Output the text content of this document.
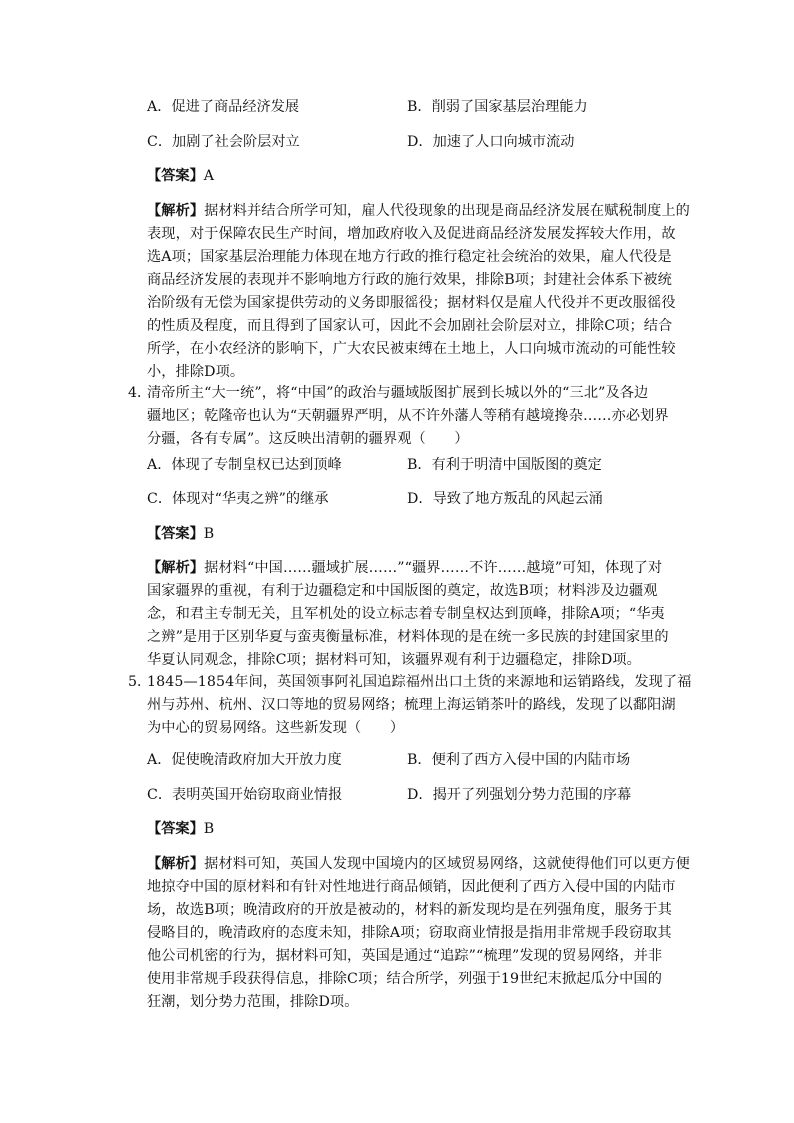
A．促进了商品经济发展	B．削弱了国家基层治理能力
C．加剧了社会阶层对立	D．加速了人口向城市流动
【答案】A
【解析】据材料并结合所学可知，雇人代役现象的出现是商品经济发展在赋税制度上的
表现，对于保障农民生产时间，增加政府收入及促进商品经济发展发挥较大作用，故
选A项；国家基层治理能力体现在地方行政的推行稳定社会统治的效果，雇人代役是
商品经济发展的表现并不影响地方行政的施行效果，排除B项；封建社会体系下被统
治阶级有无偿为国家提供劳动的义务即服徭役；据材料仅是雇人代役并不更改服徭役
的性质及程度，而且得到了国家认可，因此不会加剧社会阶层对立，排除C项；结合
所学，在小农经济的影响下，广大农民被束缚在土地上，人口向城市流动的可能性较
小，排除D项。
4．
清帝所主“大一统”，将“中国”的政治与疆域版图扩展到长城以外的“三北”及各边
疆地区；乾隆帝也认为“天朝疆界严明，从不许外藩人等稍有越境搀杂……亦必划界
分疆，各有专属”。这反映出清朝的疆界观（　　）
A．体现了专制皇权已达到顶峰	B．有利于明清中国版图的奠定
C．体现对“华夷之辨”的继承	D．导致了地方叛乱的风起云涌
【答案】B
【解析】据材料“中国……疆域扩展……”“疆界……不许……越境”可知，体现了对
国家疆界的重视，有利于边疆稳定和中国版图的奠定，故选B项；材料涉及边疆观
念，和君主专制无关，且军机处的设立标志着专制皇权达到顶峰，排除A项；“华夷
之辨”是用于区别华夏与蛮夷衡量标准，材料体现的是在统一多民族的封建国家里的
华夏认同观念，排除C项；据材料可知，该疆界观有利于边疆稳定，排除D项。
5．
1845—1854年间，英国领事阿礼国追踪福州出口土货的来源地和运销路线，发现了福
州与苏州、杭州、汉口等地的贸易网络；梳理上海运销茶叶的路线，发现了以鄱阳湖
为中心的贸易网络。这些新发现（　　）
A．促使晚清政府加大开放力度	B．便利了西方入侵中国的内陆市场
C．表明英国开始窃取商业情报	D．揭开了列强划分势力范围的序幕
【答案】B
【解析】据材料可知，英国人发现中国境内的区域贸易网络，这就使得他们可以更方便
地掠夺中国的原材料和有针对性地进行商品倾销，因此便利了西方入侵中国的内陆市
场，故选B项；晚清政府的开放是被动的，材料的新发现均是在列强角度，服务于其
侵略目的，晚清政府的态度未知，排除A项；窃取商业情报是指用非常规手段窃取其
他公司机密的行为，据材料可知，英国是通过“追踪”“梳理”发现的贸易网络，并非
使用非常规手段获得信息，排除C项；结合所学，列强于19世纪末掀起瓜分中国的
狂潮，划分势力范围，排除D项。
